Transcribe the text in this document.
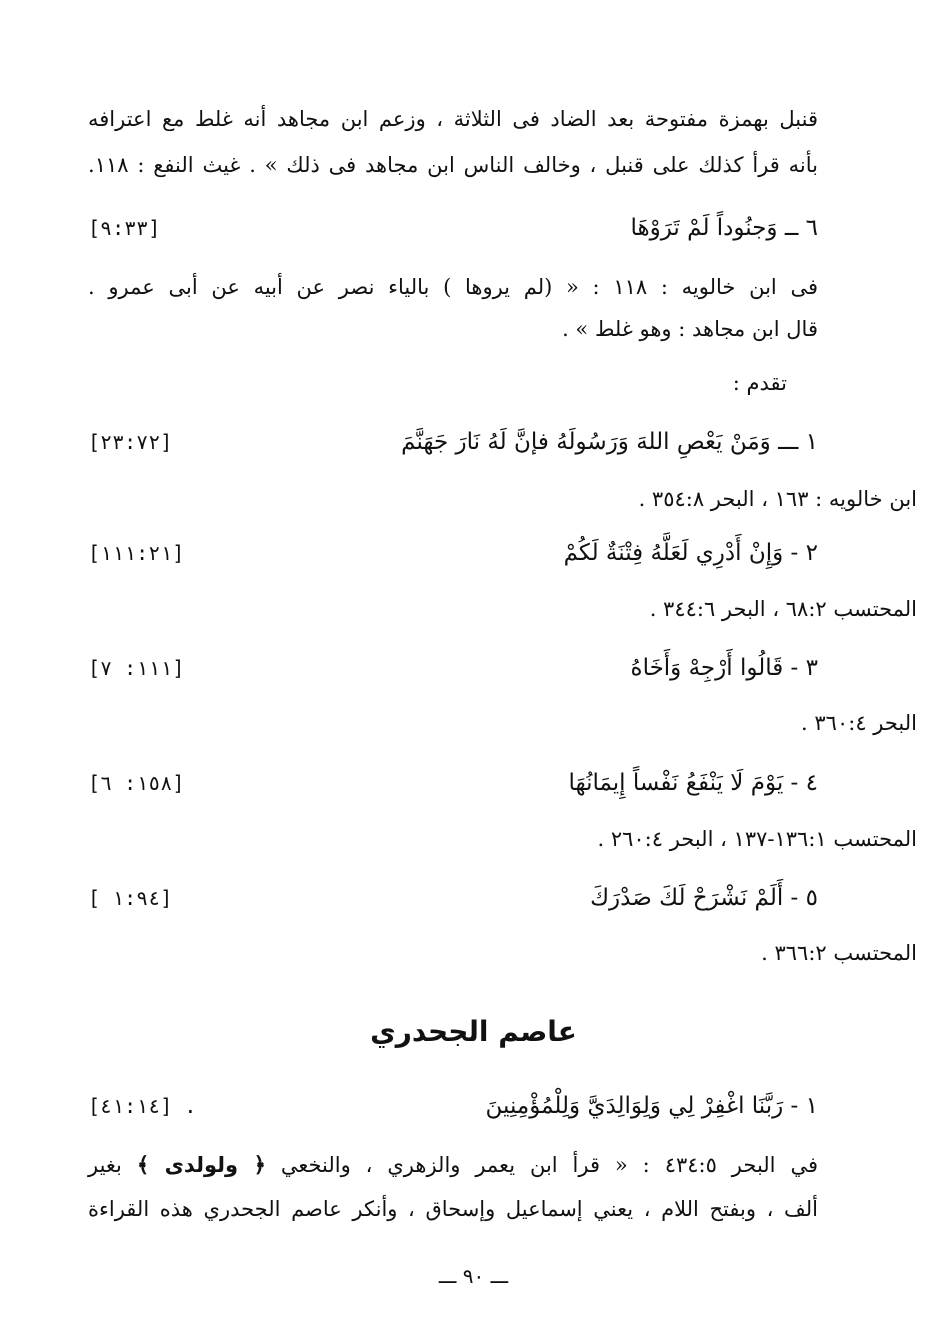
قنبل بهمزة مفتوحة بعد الضاد فى الثلاثة ، وزعم ابن مجاهد أنه غلط مع اعترافه
بأنه قرأ كذلك على قنبل ، وخالف الناس ابن مجاهد فى ذلك » . غيث النفع : ١١٨.
٦ ــ وَجنُوداً لَمْ تَرَوْهَا
[٩:٣٣]
فى ابن خالويه : ١١٨ : « (لم يروها ) بالياء نصر عن أبيه عن أبى عمرو .
قال ابن مجاهد : وهو غلط » .
تقدم :
١ ـــ وَمَنْ يَعْصِ اللهَ وَرَسُولَهُ فإنَّ لَهُ نَارَ جَهَنَّمَ
[٢٣:٧٢]
ابن خالويه : ١٦٣ ، البحر ٣٥٤:٨ .
٢ - وَإِنْ أَدْرِي لَعَلَّهُ فِتْنَةٌ لَكُمْ
[١١١:٢١]
المحتسب ٦٨:٢ ، البحر ٣٤٤:٦ .
٣ - قَالُوا أَرْجِهْ وَأَخَاهُ
[١١١: ٧]
البحر ٣٦٠:٤ .
٤ - يَوْمَ لَا يَنْفَعُ نَفْساً إِيمَانُهَا
[١٥٨: ٦]
المحتسب ١٣٦:١-١٣٧ ، البحر ٢٦٠:٤ .
٥ - أَلَمْ نَشْرَحْ لَكَ صَدْرَكَ
[ ١:٩٤]
المحتسب ٣٦٦:٢ .
عاصم الجحدري
١ - رَبَّنَا اغْفِرْ لِي وَلِوَالِدَيَّ وَلِلْمُؤْمِنِينَ
[٤١:١٤] .
في البحر ٤٣٤:٥ : « قرأ ابن يعمر والزهري ، والنخعي ﴿ ولولدى ﴾ بغير
ألف ، وبفتح اللام ، يعني إسماعيل وإسحاق ، وأنكر عاصم الجحدري هذه القراءة
ـــ ٩٠ ـــ
